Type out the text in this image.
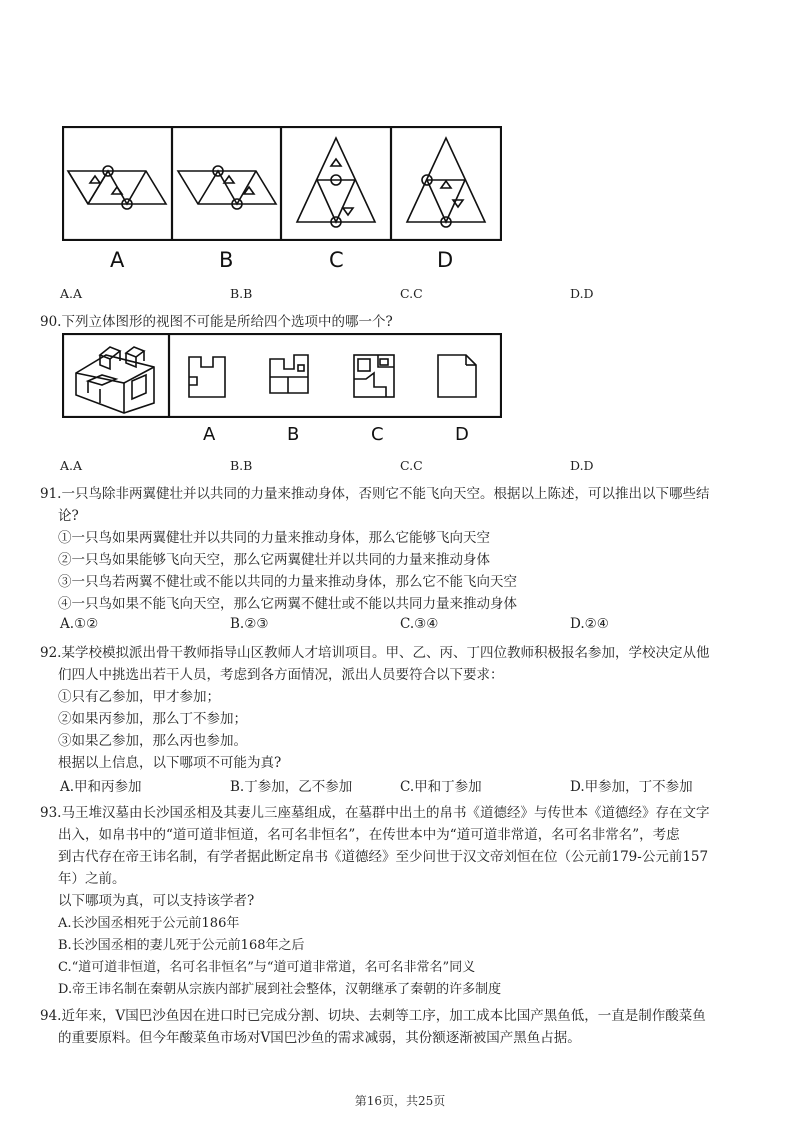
A	B	C	D
A.A	B.B	C.C	D.D
90.下列立体图形的视图不可能是所给四个选项中的哪一个?
A	B	C	D
A.A	B.B	C.C	D.D
91.一只鸟除非两翼健壮并以共同的力量来推动身体，否则它不能飞向天空。根据以上陈述，可以推出以下哪些结
论?
①一只鸟如果两翼健壮并以共同的力量来推动身体，那么它能够飞向天空
②一只鸟如果能够飞向天空，那么它两翼健壮并以共同的力量来推动身体
③一只鸟若两翼不健壮或不能以共同的力量来推动身体，那么它不能飞向天空
④一只鸟如果不能飞向天空，那么它两翼不健壮或不能以共同力量来推动身体
A.①②	B.②③	C.③④	D.②④
92.某学校模拟派出骨干教师指导山区教师人才培训项目。甲、乙、丙、丁四位教师积极报名参加，学校决定从他
们四人中挑选出若干人员，考虑到各方面情况，派出人员要符合以下要求：
①只有乙参加，甲才参加；
②如果丙参加，那么丁不参加；
③如果乙参加，那么丙也参加。
根据以上信息，以下哪项不可能为真?
A.甲和丙参加	B.丁参加，乙不参加	C.甲和丁参加	D.甲参加，丁不参加
93.马王堆汉墓由长沙国丞相及其妻儿三座墓组成，在墓群中出土的帛书《道德经》与传世本《道德经》存在文字
出入，如帛书中的“道可道非恒道，名可名非恒名”，在传世本中为“道可道非常道，名可名非常名”，考虑
到古代存在帝王讳名制，有学者据此断定帛书《道德经》至少问世于汉文帝刘恒在位（公元前179-公元前157
年）之前。
以下哪项为真，可以支持该学者?
A.长沙国丞相死于公元前186年
B.长沙国丞相的妻儿死于公元前168年之后
C.“道可道非恒道，名可名非恒名”与“道可道非常道，名可名非常名”同义
D.帝王讳名制在秦朝从宗族内部扩展到社会整体，汉朝继承了秦朝的许多制度
94.近年来，V国巴沙鱼因在进口时已完成分割、切块、去刺等工序，加工成本比国产黑鱼低，一直是制作酸菜鱼
的重要原料。但今年酸菜鱼市场对V国巴沙鱼的需求减弱，其份额逐渐被国产黑鱼占据。
第16页，共25页
